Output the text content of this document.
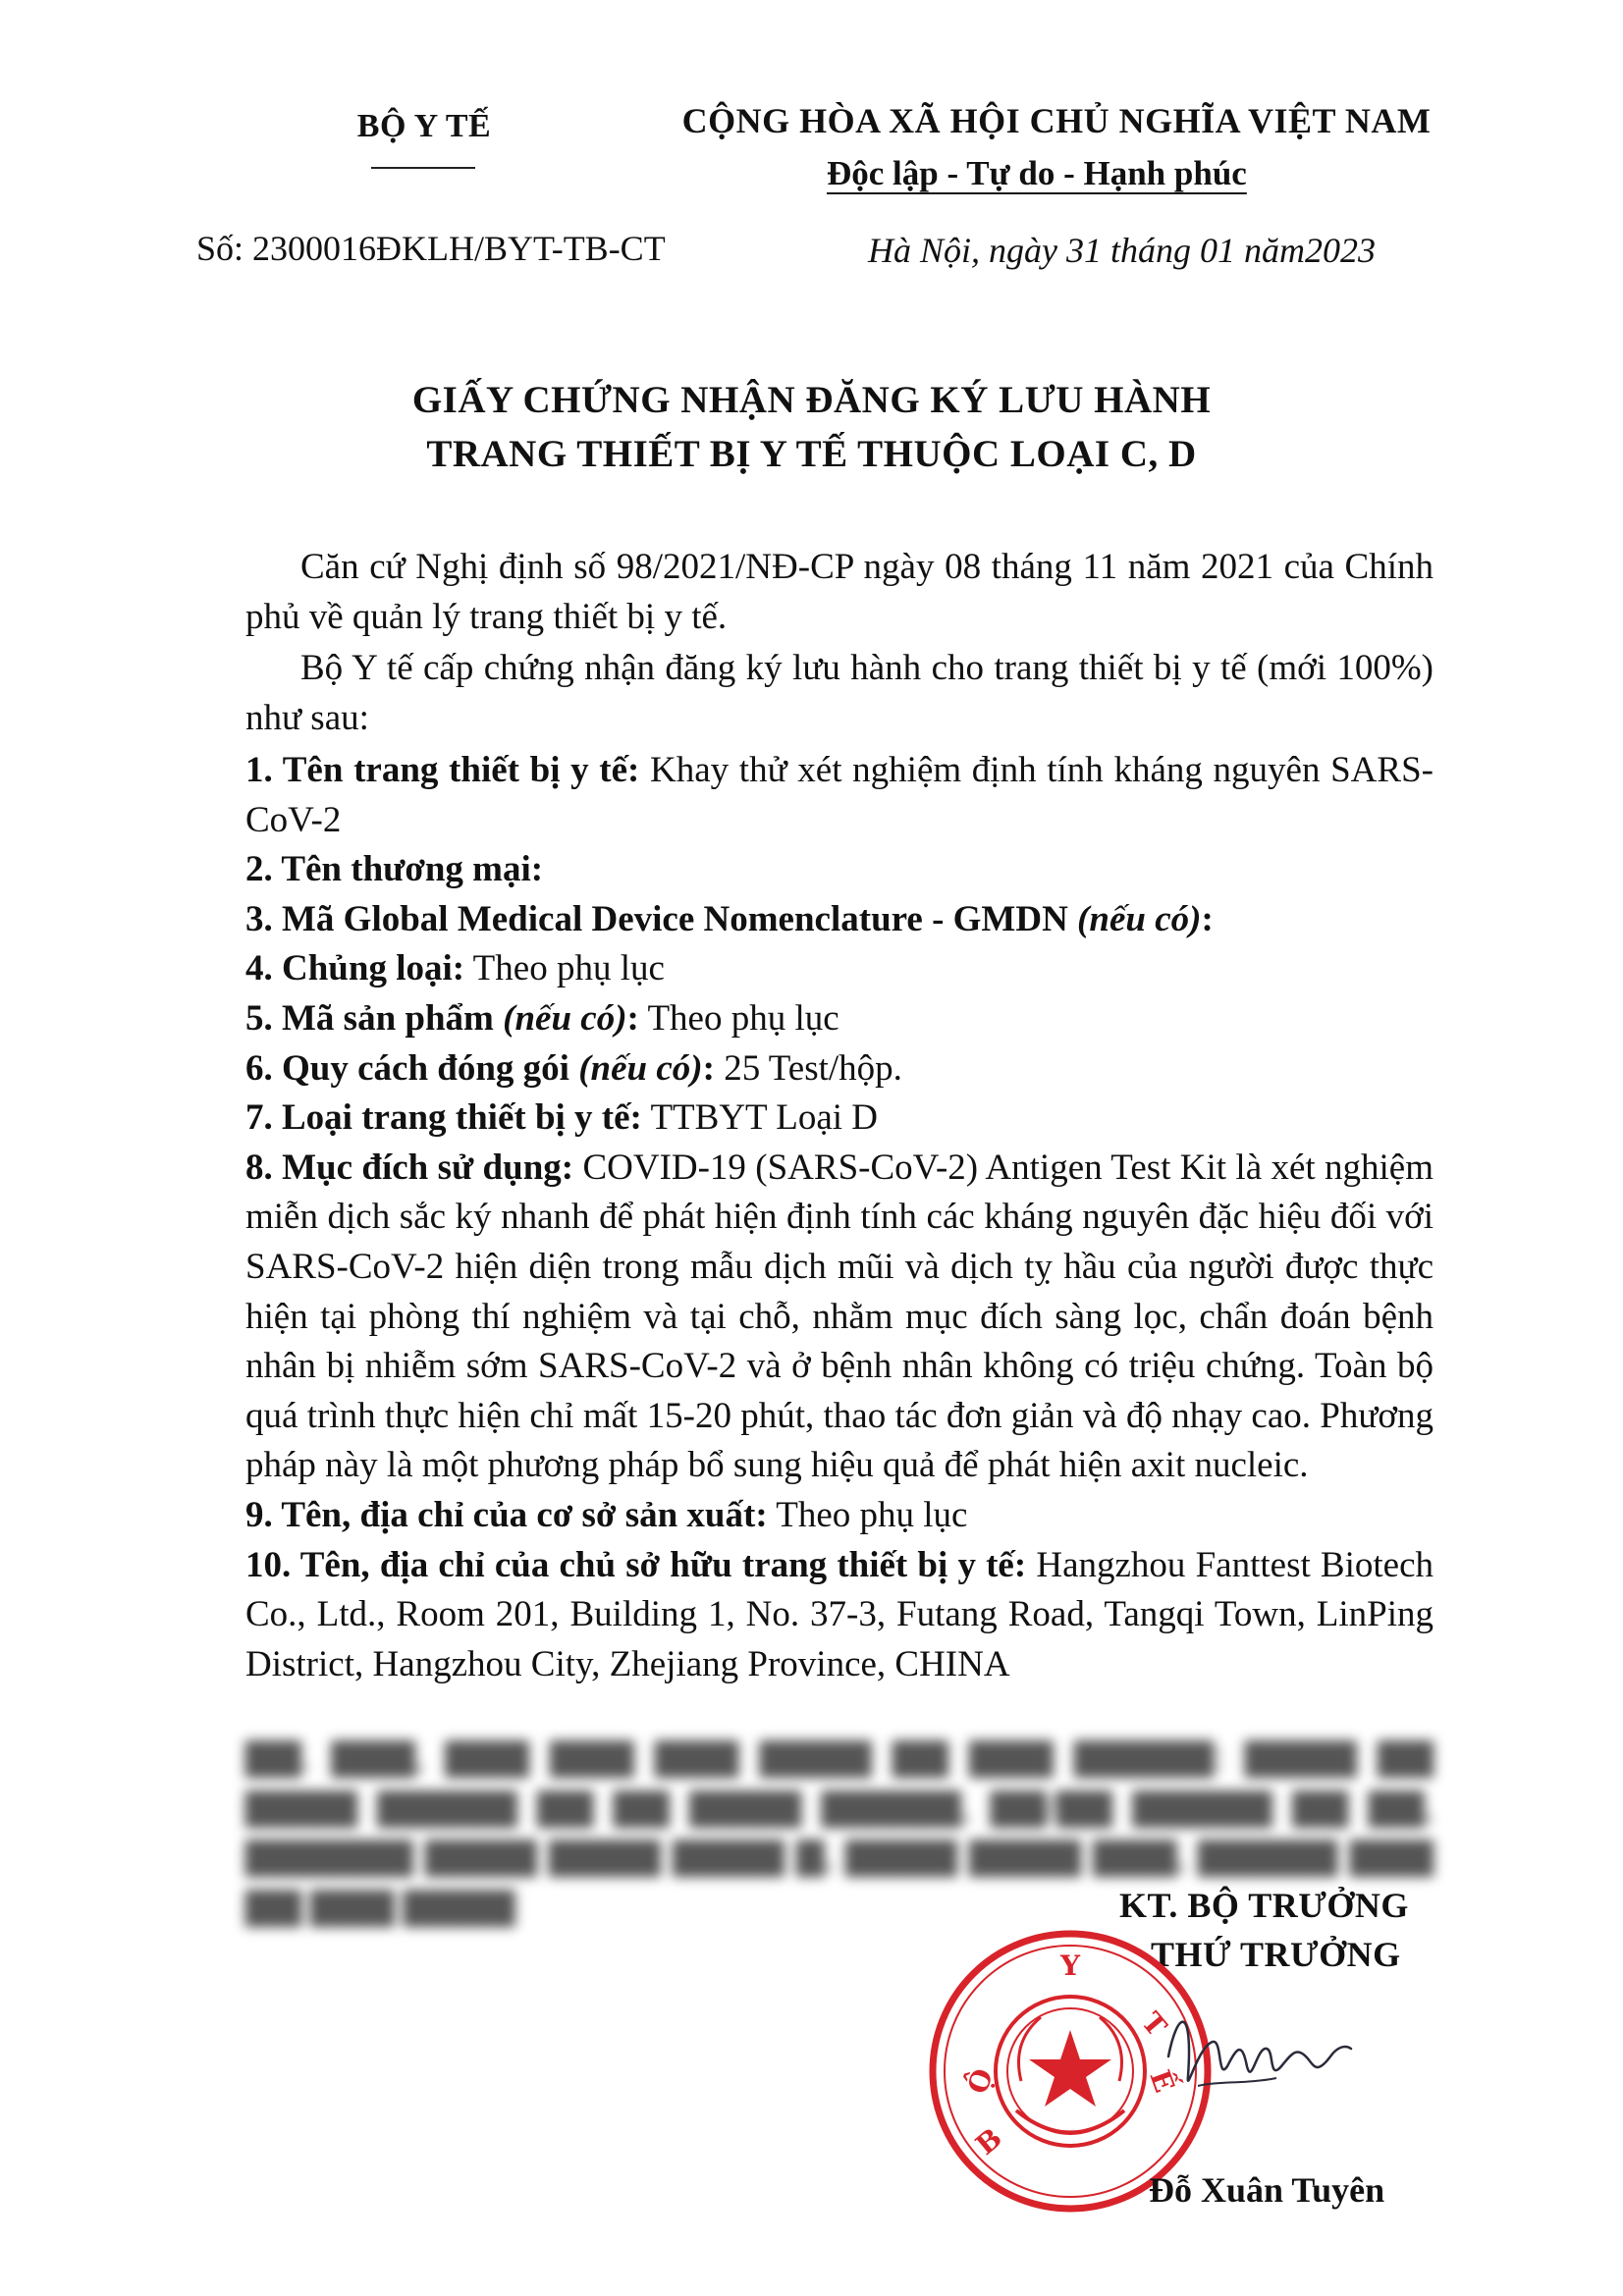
BỘ Y TẾ	CỘNG HÒA XÃ HỘI CHỦ NGHĨA VIỆT NAM
Độc lập - Tự do - Hạnh phúc
Số: 2300016ĐKLH/BYT-TB-CT	Hà Nội, ngày 31 tháng 01 năm2023
GIẤY CHỨNG NHẬN ĐĂNG KÝ LƯU HÀNH
TRANG THIẾT BỊ Y TẾ THUỘC LOẠI C, D

Căn cứ Nghị định số 98/2021/NĐ-CP ngày 08 tháng 11 năm 2021 của Chính phủ về quản lý trang thiết bị y tế.

Bộ Y tế cấp chứng nhận đăng ký lưu hành cho trang thiết bị y tế (mới 100%) như sau:

1. Tên trang thiết bị y tế: Khay thử xét nghiệm định tính kháng nguyên SARS-CoV-2

2. Tên thương mại:

3. Mã Global Medical Device Nomenclature - GMDN (nếu có):

4. Chủng loại: Theo phụ lục

5. Mã sản phẩm (nếu có): Theo phụ lục

6. Quy cách đóng gói (nếu có): 25 Test/hộp.

7. Loại trang thiết bị y tế: TTBYT Loại D

8. Mục đích sử dụng: COVID-19 (SARS-CoV-2) Antigen Test Kit là xét nghiệm miễn dịch sắc ký nhanh để phát hiện định tính các kháng nguyên đặc hiệu đối với SARS-CoV-2 hiện diện trong mẫu dịch mũi và dịch tỵ hầu của người được thực hiện tại phòng thí nghiệm và tại chỗ, nhằm mục đích sàng lọc, chẩn đoán bệnh nhân bị nhiễm sớm SARS-CoV-2 và ở bệnh nhân không có triệu chứng. Toàn bộ quá trình thực hiện chỉ mất 15-20 phút, thao tác đơn giản và độ nhạy cao. Phương pháp này là một phương pháp bổ sung hiệu quả để phát hiện axit nucleic.

9. Tên, địa chỉ của cơ sở sản xuất: Theo phụ lục

10. Tên, địa chỉ của chủ sở hữu trang thiết bị y tế: Hangzhou Fanttest Biotech Co., Ltd., Room 201, Building 1, No. 37-3, Futang Road, Tangqi Town, LinPing District, Hangzhou City, Zhejiang Province, CHINA

▇▇. ▇▇▇, ▇▇▇ ▇▇▇ ▇▇▇ ▇▇▇▇ ▇▇ ▇▇▇ ▇▇▇▇▇: ▇▇▇▇ ▇▇ ▇▇▇▇ ▇▇▇▇▇ ▇▇ ▇▇ ▇▇▇▇ ▇▇▇▇▇, ▇▇/▇▇ ▇▇▇▇▇ ▇▇ ▇▇, ▇▇▇▇▇▇ ▇▇▇▇ ▇▇▇▇ ▇▇▇▇ ▇, ▇▇▇▇ ▇▇▇▇ ▇▇▇, ▇▇▇▇▇ ▇▇▇ ▇▇ ▇▇▇ ▇▇▇▇	KT. BỘ TRƯỞNG
THỨ TRƯỞNG
Y
Ộ
B
Ế
T
Đỗ Xuân Tuyên
